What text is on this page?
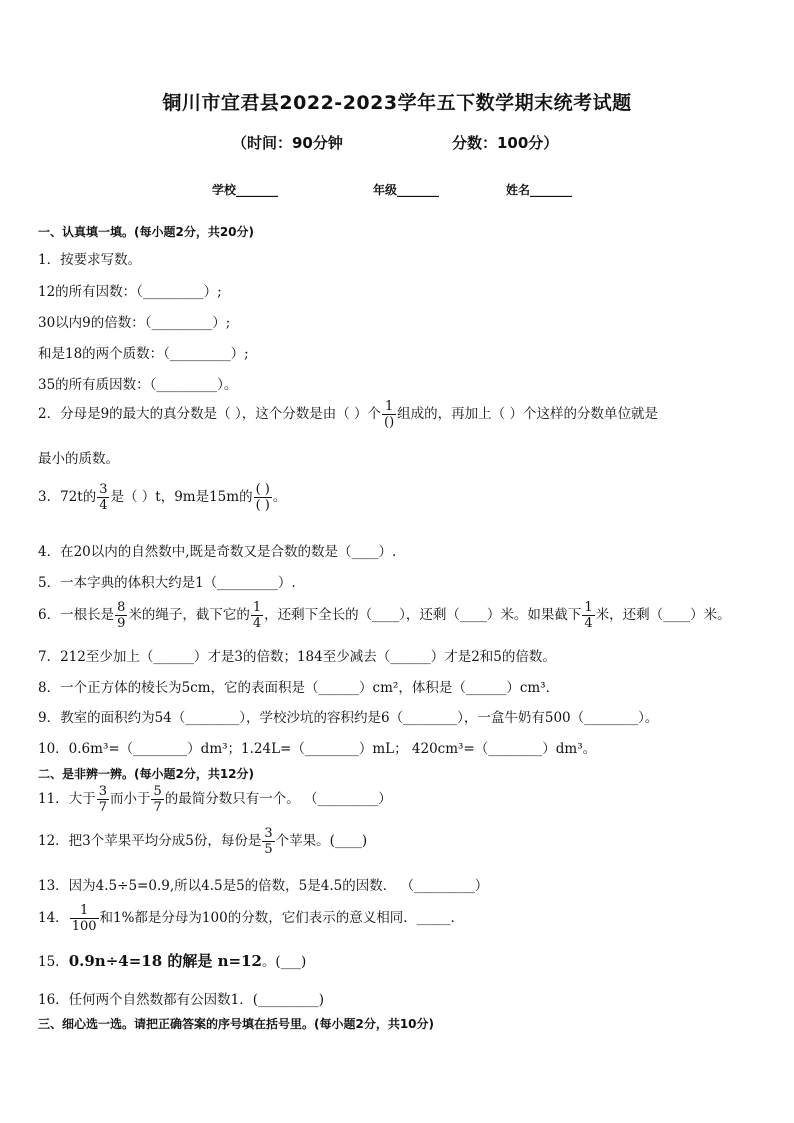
铜川市宜君县2022-2023学年五下数学期末统考试题
（时间：90分钟	分数：100分）
学校_______	年级_______	姓名_______
一、认真填一填。(每小题2分，共20分)
1．按要求写数。
12的所有因数：（_________）;
30以内9的倍数：（_________）;
和是18的两个质数：（_________）;
35的所有质因数：（_________）。
2．分母是9的最大的真分数是（ ），这个分数是由（ ）个 $\frac{1}{()}$ 组成的，再加上（ ）个这样的分数单位就是
最小的质数。
3．72t的 $\frac{3}{4}$ 是（ ）t，9m是15m的 $\frac{( )}{( )}$ 。
4．在20以内的自然数中,既是奇数又是合数的数是（____）.
5．一本字典的体积大约是1（_________）.
6．一根长是 $\frac{8}{9}$ 米的绳子，截下它的 $\frac{1}{4}$ ，还剩下全长的（____），还剩（____）米。如果截下 $\frac{1}{4}$ 米，还剩（____）米。
7．212至少加上（______）才是3的倍数；184至少减去（______）才是2和5的倍数。
8．一个正方体的棱长为5cm，它的表面积是（______）cm²，体积是（______）cm³．
9．教室的面积约为54（________），学校沙坑的容积约是6（________），一盒牛奶有500（________）。
10．0.6m³=（________）dm³；1.24L=（________）mL； 420cm³=（________）dm³。
二、是非辨一辨。(每小题2分，共12分)
11．大于 $\frac{3}{7}$ 而小于 $\frac{5}{7}$ 的最简分数只有一个。 （_________）
12．把3个苹果平均分成5份，每份是 $\frac{3}{5}$ 个苹果。(____)
13．因为4.5÷5=0.9,所以4.5是5的倍数，5是4.5的因数． （_________）
14． $\frac{1}{100}$ 和1%都是分母为100的分数，它们表示的意义相同．_____．
15．0.9n÷4=18 的解是 n=12。(___)
16．任何两个自然数都有公因数1．(_________)
三、细心选一选。请把正确答案的序号填在括号里。(每小题2分，共10分)
